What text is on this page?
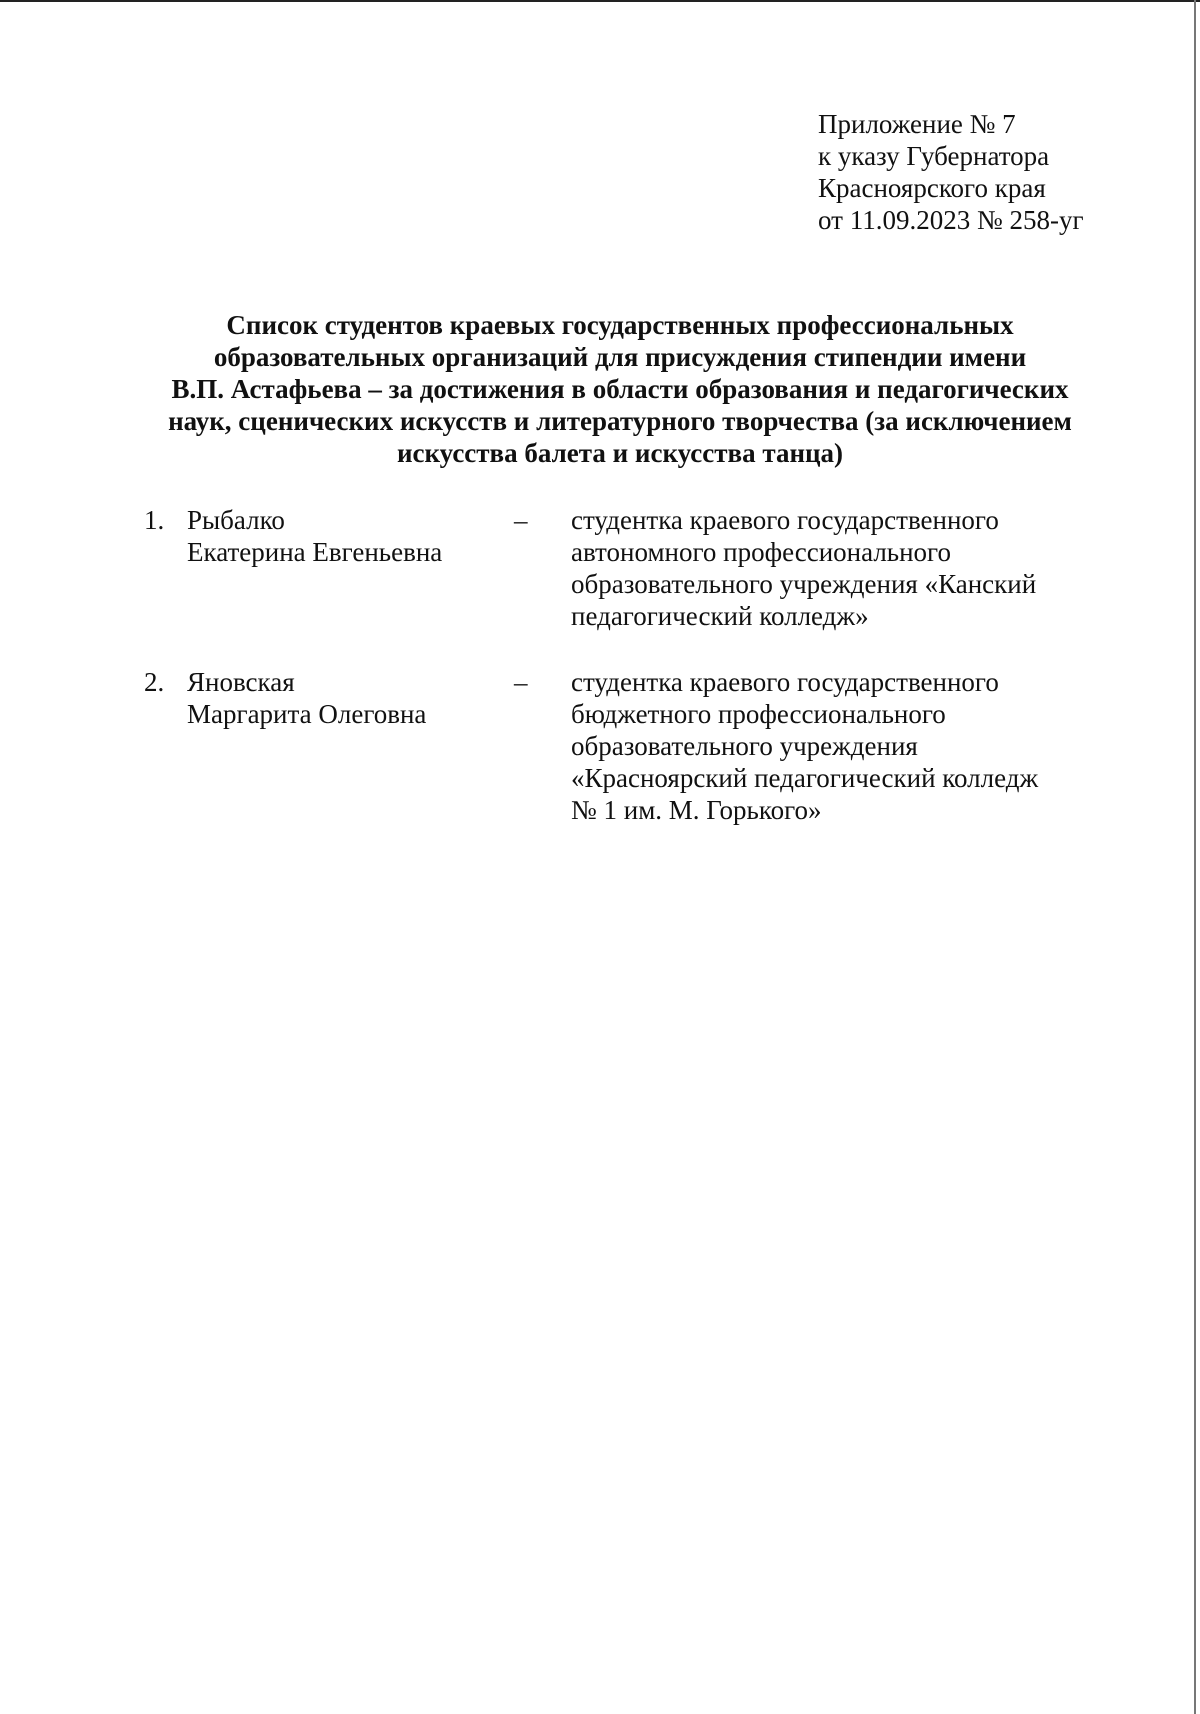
Приложение № 7
к указу Губернатора
Красноярского края
от 11.09.2023 № 258-уг
Список студентов краевых государственных профессиональных
образовательных организаций для присуждения стипендии имени
В.П. Астафьева – за достижения в области образования и педагогических
наук, сценических искусств и литературного творчества (за исключением
искусства балета и искусства танца)
1. Рыбалко
Екатерина Евгеньевна
– студентка краевого государственного
автономного профессионального
образовательного учреждения «Канский
педагогический колледж»
2. Яновская
Маргарита Олеговна
– студентка краевого государственного
бюджетного профессионального
образовательного учреждения
«Красноярский педагогический колледж
№ 1 им. М. Горького»
